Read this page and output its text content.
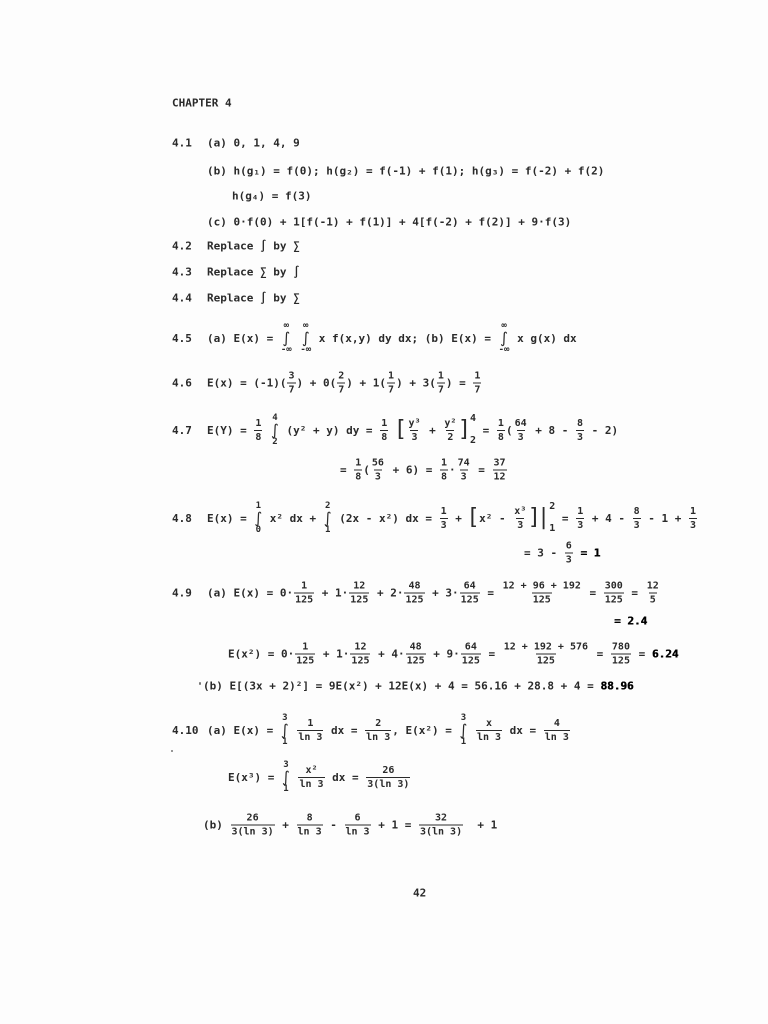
CHAPTER 4
4.1	(a) 0, 1, 4, 9
(b) h(g₁) = f(0); h(g₂) = f(-1) + f(1); h(g₃) = f(-2) + f(2)
h(g₄) = f(3)
(c) 0·f(0) + 1[f(-1) + f(1)] + 4[f(-2) + f(2)] + 9·f(3)
4.2	Replace ∫ by ∑
4.3	Replace ∑ by ∫
4.4	Replace ∫ by ∑
4.5	(a) E(x) =
∞
∫
-∞

∞
∫
-∞
x f(x,y) dy dx; (b) E(x) =
∞
∫
-∞
x g(x) dx
4.6	$E(x) = (-1)( \frac{3}{7}$ ) + $0( \frac{2}{7}$ ) + $1( \frac{1}{7}$ ) + $3( \frac{1}{7}$ ) = $\frac{1}{7}$
4.7	$E(Y) = \frac{1}{8}$
4
∫
2
(y² + y) dy = $\frac{1}{8}$
[ $\frac{\text{y³}}{3} + \frac{\text{y²}}{2}$ ] 4
2
= $\frac{1}{8}$ ( $\frac{64}{3} + 8 - \frac{8}{3} - 2$)
= $\frac{1}{8}$ ( $\frac{56}{3} + 6) = \frac{1}{8} \cdot \frac{74}{3} = \frac{37}{12}$
4.8	E(x) =
1
∫
0
x² dx +
2
∫
1
(2x - x²) dx = $\frac{1}{3}$ + [ $x^2 - \frac{\text{x³}}{3}$ ] | 2
1
= $\frac{1}{3} + 4 - \frac{8}{3} - 1 + \frac{1}{3}$
= $3 - \frac{6}{3}$
= 1
4.9	(a) $E(x) = 0\cdot \frac{1}{125} + 1\cdot \frac{12}{125} + 2\cdot \frac{48}{125} + 3\cdot \frac{64}{125} = \frac{12 + 96 + 192}{125} = \frac{300}{125} = \frac{12}{5}$
= 2.4
$E(x^2) = 0\cdot \frac{1}{125} + 1\cdot \frac{12}{125} + 4\cdot \frac{48}{125} + 9\cdot \frac{64}{125} = \frac{12 + 192 + 576}{125} = \frac{780}{125} = 6.24$
(b) E[(3x + 2)²] = 9E(x²) + 12E(x) + 4 = 56.16 + 28.8 + 4 = 88.96
4.10 (a) E(x) =
3
∫
1
$\frac{1}{\ln 3}$ dx = $\frac{2}{\ln 3}$ , E(x²) =
3
∫
1
$\frac{x}{\ln 3}$ dx = $\frac{4}{\ln 3}$
E(x³) =
3
∫
1
$\frac{\text{x²}}{\ln 3}$ dx = $\frac{26}{3(\ln 3)}$
$(b) \frac{26}{3(\ln 3)} + \frac{8}{\ln 3} - \frac{6}{\ln 3} + 1 = \frac{32}{3(\ln 3)} + 1$
42
